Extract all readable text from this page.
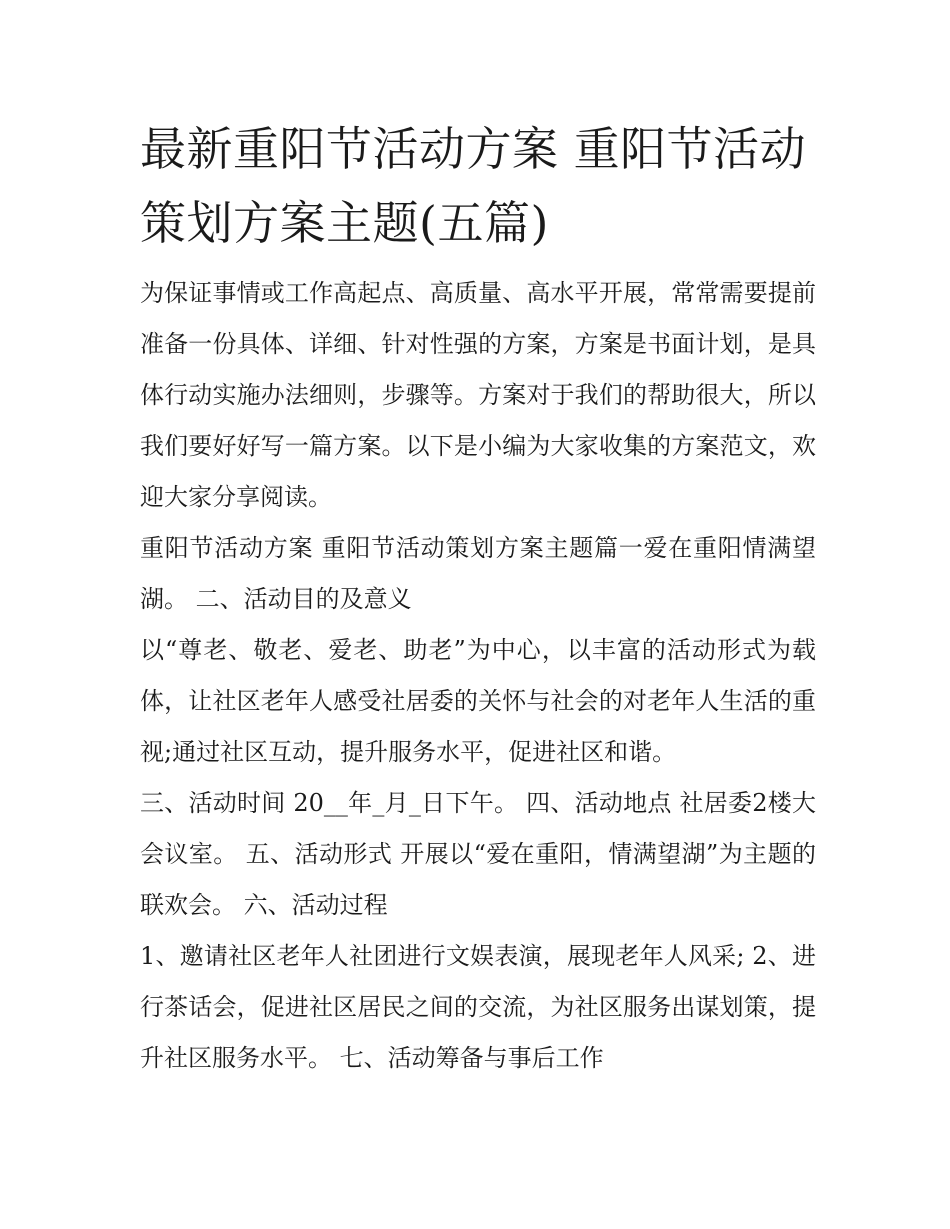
最新重阳节活动方案 重阳节活动策划方案主题(五篇)

为保证事情或工作高起点、高质量、高水平开展，常常需要提前准备一份具体、详细、针对性强的方案，方案是书面计划，是具体行动实施办法细则，步骤等。方案对于我们的帮助很大，所以我们要好好写一篇方案。以下是小编为大家收集的方案范文，欢迎大家分享阅读。

重阳节活动方案 重阳节活动策划方案主题篇一爱在重阳情满望湖。 二、活动目的及意义

以“尊老、敬老、爱老、助老”为中心，以丰富的活动形式为载体，让社区老年人感受社居委的关怀与社会的对老年人生活的重视;通过社区互动，提升服务水平，促进社区和谐。

三、活动时间 20__年_月_日下午。 四、活动地点 社居委2楼大会议室。 五、活动形式 开展以“爱在重阳，情满望湖”为主题的联欢会。 六、活动过程

1、邀请社区老年人社团进行文娱表演，展现老年人风采; 2、进行茶话会，促进社区居民之间的交流，为社区服务出谋划策，提升社区服务水平。 七、活动筹备与事后工作
